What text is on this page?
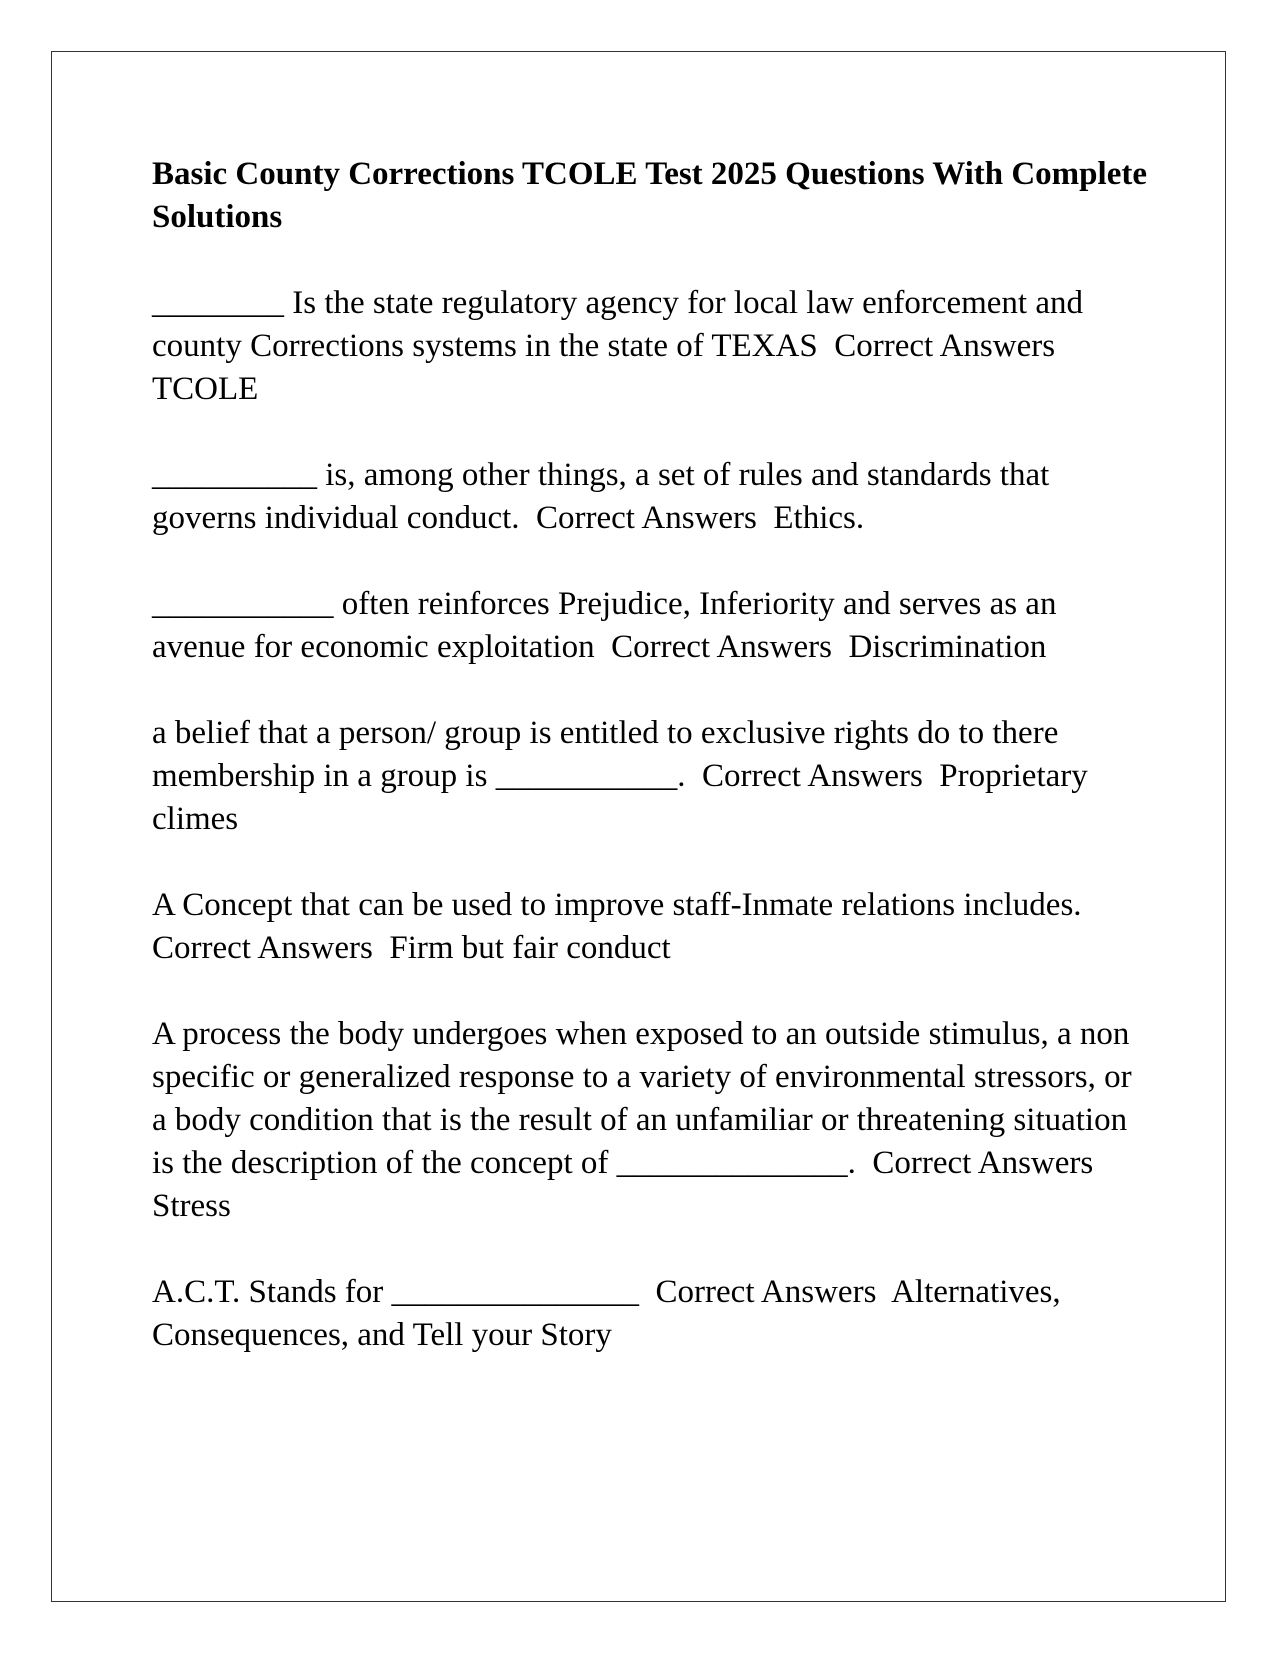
Basic County Corrections TCOLE Test 2025 Questions With Complete Solutions
________ Is the state regulatory agency for local law enforcement and county Corrections systems in the state of TEXAS  Correct Answers  TCOLE
__________ is, among other things, a set of rules and standards that governs individual conduct.  Correct Answers  Ethics.
___________ often reinforces Prejudice, Inferiority and serves as an avenue for economic exploitation  Correct Answers  Discrimination
a belief that a person/ group is entitled to exclusive rights do to there membership in a group is ___________.  Correct Answers  Proprietary climes
A Concept that can be used to improve staff-Inmate relations includes.  Correct Answers  Firm but fair conduct
A process the body undergoes when exposed to an outside stimulus, a non specific or generalized response to a variety of environmental stressors, or a body condition that is the result of an unfamiliar or threatening situation is the description of the concept of ______________.  Correct Answers  Stress
A.C.T. Stands for _______________  Correct Answers  Alternatives, Consequences, and Tell your Story
